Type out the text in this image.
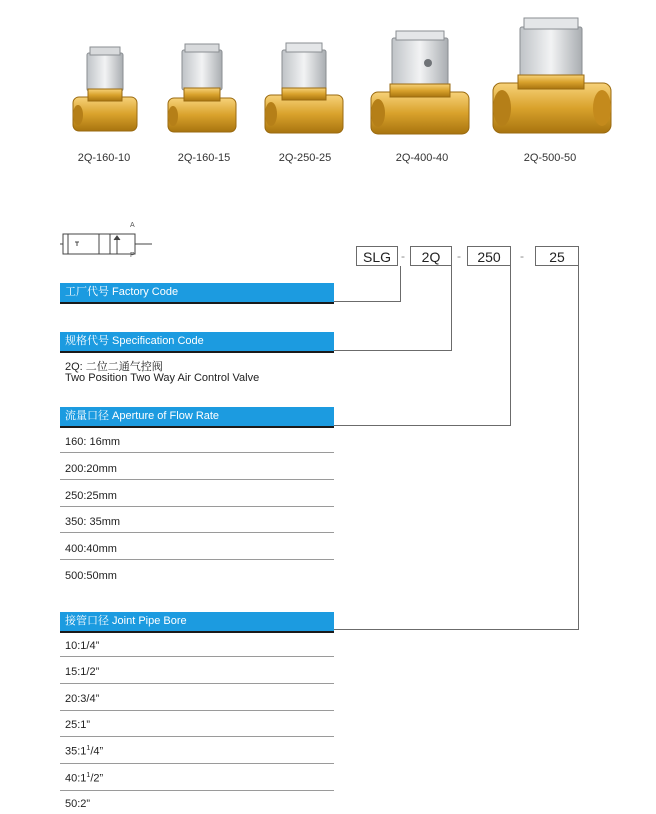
2Q-160-10	2Q-160-15	2Q-250-25	2Q-400-40	2Q-500-50
A
P	SLG -	2Q	-	250	-	25
工厂代号 Factory Code
规格代号 Specification Code
2Q: 二位二通气控阀
Two Position Two Way Air Control Valve
流量口径 Aperture of Flow Rate
160: 16mm
200:20mm
250:25mm
350: 35mm
400:40mm
500:50mm
接管口径 Joint Pipe Bore
10:1/4”
15:1/2”
20:3/4”
25:1”
$35:1^1/4$”
$40:1^1/2$”
50:2”
